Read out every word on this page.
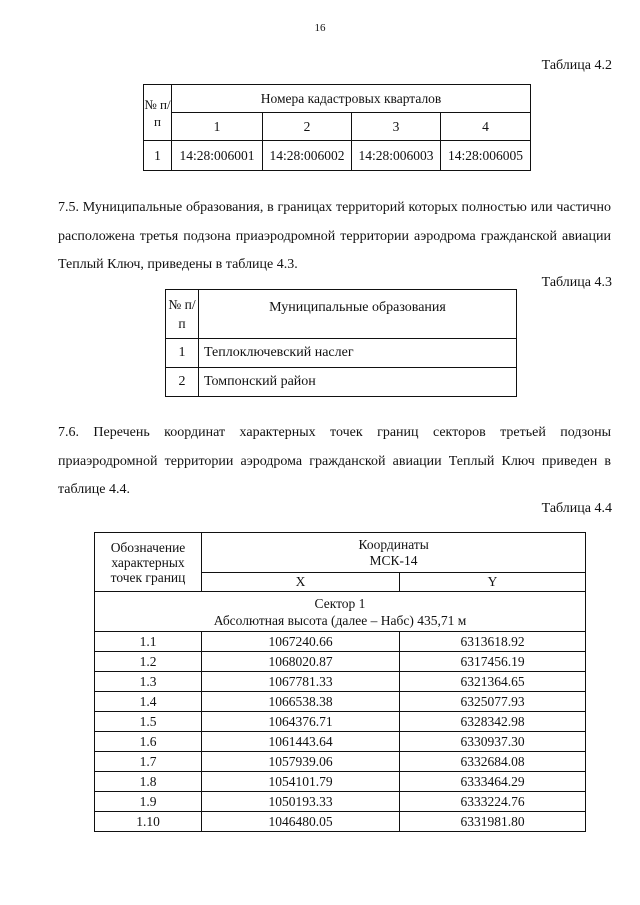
16
Таблица 4.2
№ п/п	Номера кадастровых кварталов			
	1	2	3	4
1	14:28:006001	14:28:006002	14:28:006003	14:28:006005

7.5. Муниципальные образования, в границах территорий которых полностью или частично расположена третья подзона приаэродромной территории аэродрома гражданской авиации Теплый Ключ, приведены в таблице 4.3.

Таблица 4.3
№ п/п	Муниципальные образования
1	Теплоключевский наслег
2	Томпонский район

7.6. Перечень координат характерных точек границ секторов третьей подзоны приаэродромной территории аэродрома гражданской авиации Теплый Ключ приведен в таблице 4.4.

Таблица 4.4
Обозначение характерных точек границ	Координаты МСК-14	
	X	Y

Сектор 1
Абсолютная высота (далее – Набс) 435,71 м		

1.1	1067240.66	6313618.92
1.2	1068020.87	6317456.19
1.3	1067781.33	6321364.65
1.4	1066538.38	6325077.93
1.5	1064376.71	6328342.98
1.6	1061443.64	6330937.30
1.7	1057939.06	6332684.08
1.8	1054101.79	6333464.29
1.9	1050193.33	6333224.76
1.10	1046480.05	6331981.80
